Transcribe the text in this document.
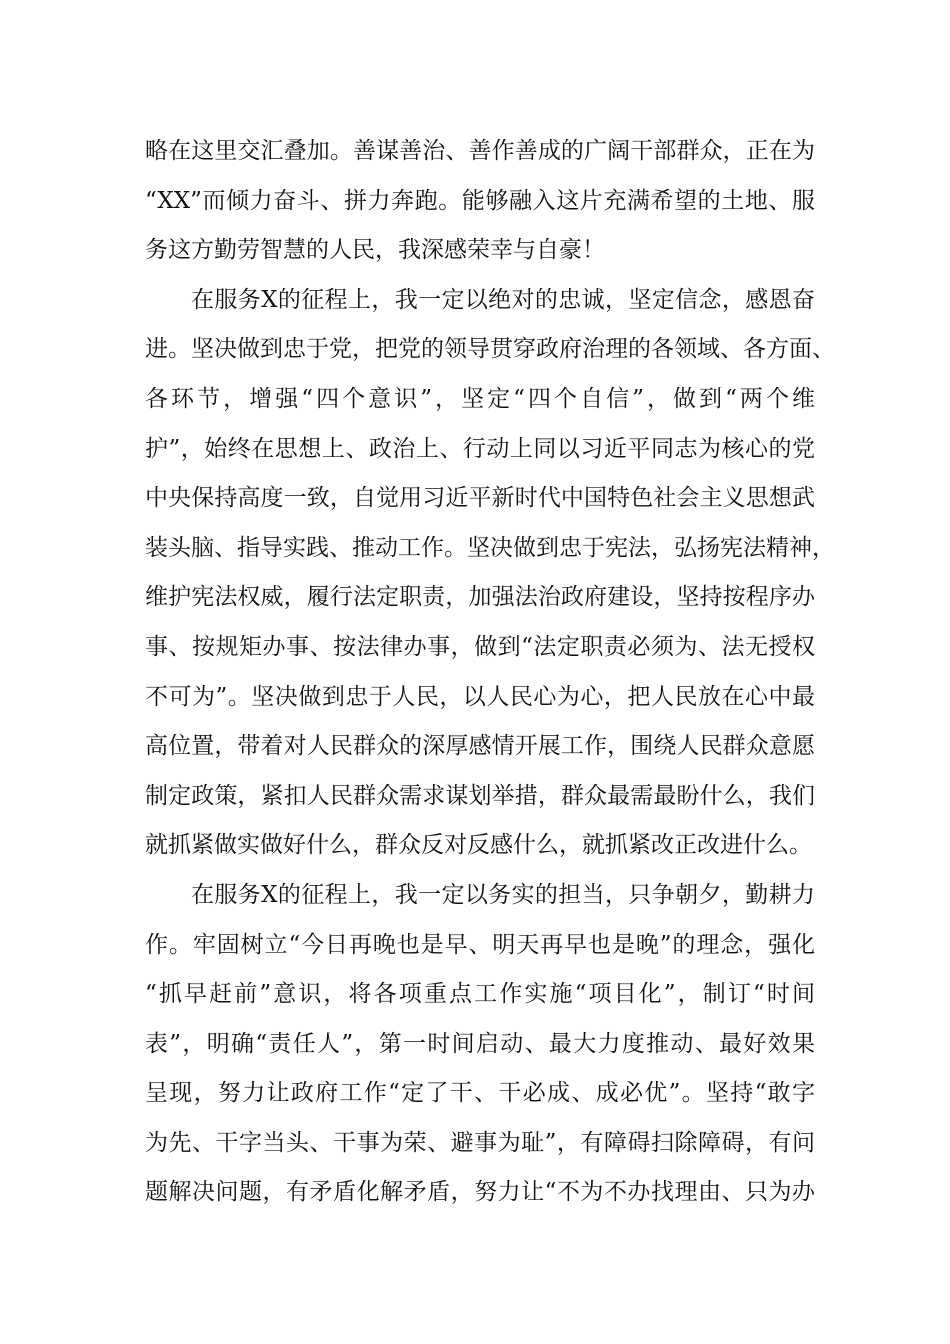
略在这里交汇叠加。善谋善治、善作善成的广阔干部群众，正在为
“XX”而倾力奋斗、拼力奔跑。能够融入这片充满希望的土地、服
务这方勤劳智慧的人民，我深感荣幸与自豪！
在服务X的征程上，我一定以绝对的忠诚，坚定信念，感恩奋
进。坚决做到忠于党，把党的领导贯穿政府治理的各领域、各方面、
各环节，增强“四个意识”，坚定“四个自信”，做到“两个维
护”，始终在思想上、政治上、行动上同以习近平同志为核心的党
中央保持高度一致，自觉用习近平新时代中国特色社会主义思想武
装头脑、指导实践、推动工作。坚决做到忠于宪法，弘扬宪法精神，
维护宪法权威，履行法定职责，加强法治政府建设，坚持按程序办
事、按规矩办事、按法律办事，做到“法定职责必须为、法无授权
不可为”。坚决做到忠于人民，以人民心为心，把人民放在心中最
高位置，带着对人民群众的深厚感情开展工作，围绕人民群众意愿
制定政策，紧扣人民群众需求谋划举措，群众最需最盼什么，我们
就抓紧做实做好什么，群众反对反感什么，就抓紧改正改进什么。
在服务X的征程上，我一定以务实的担当，只争朝夕，勤耕力
作。牢固树立“今日再晚也是早、明天再早也是晚”的理念，强化
“抓早赶前”意识，将各项重点工作实施“项目化”，制订“时间
表”，明确“责任人”，第一时间启动、最大力度推动、最好效果
呈现，努力让政府工作“定了干、干必成、成必优”。坚持“敢字
为先、干字当头、干事为荣、避事为耻”，有障碍扫除障碍，有问
题解决问题，有矛盾化解矛盾，努力让“不为不办找理由、只为办
